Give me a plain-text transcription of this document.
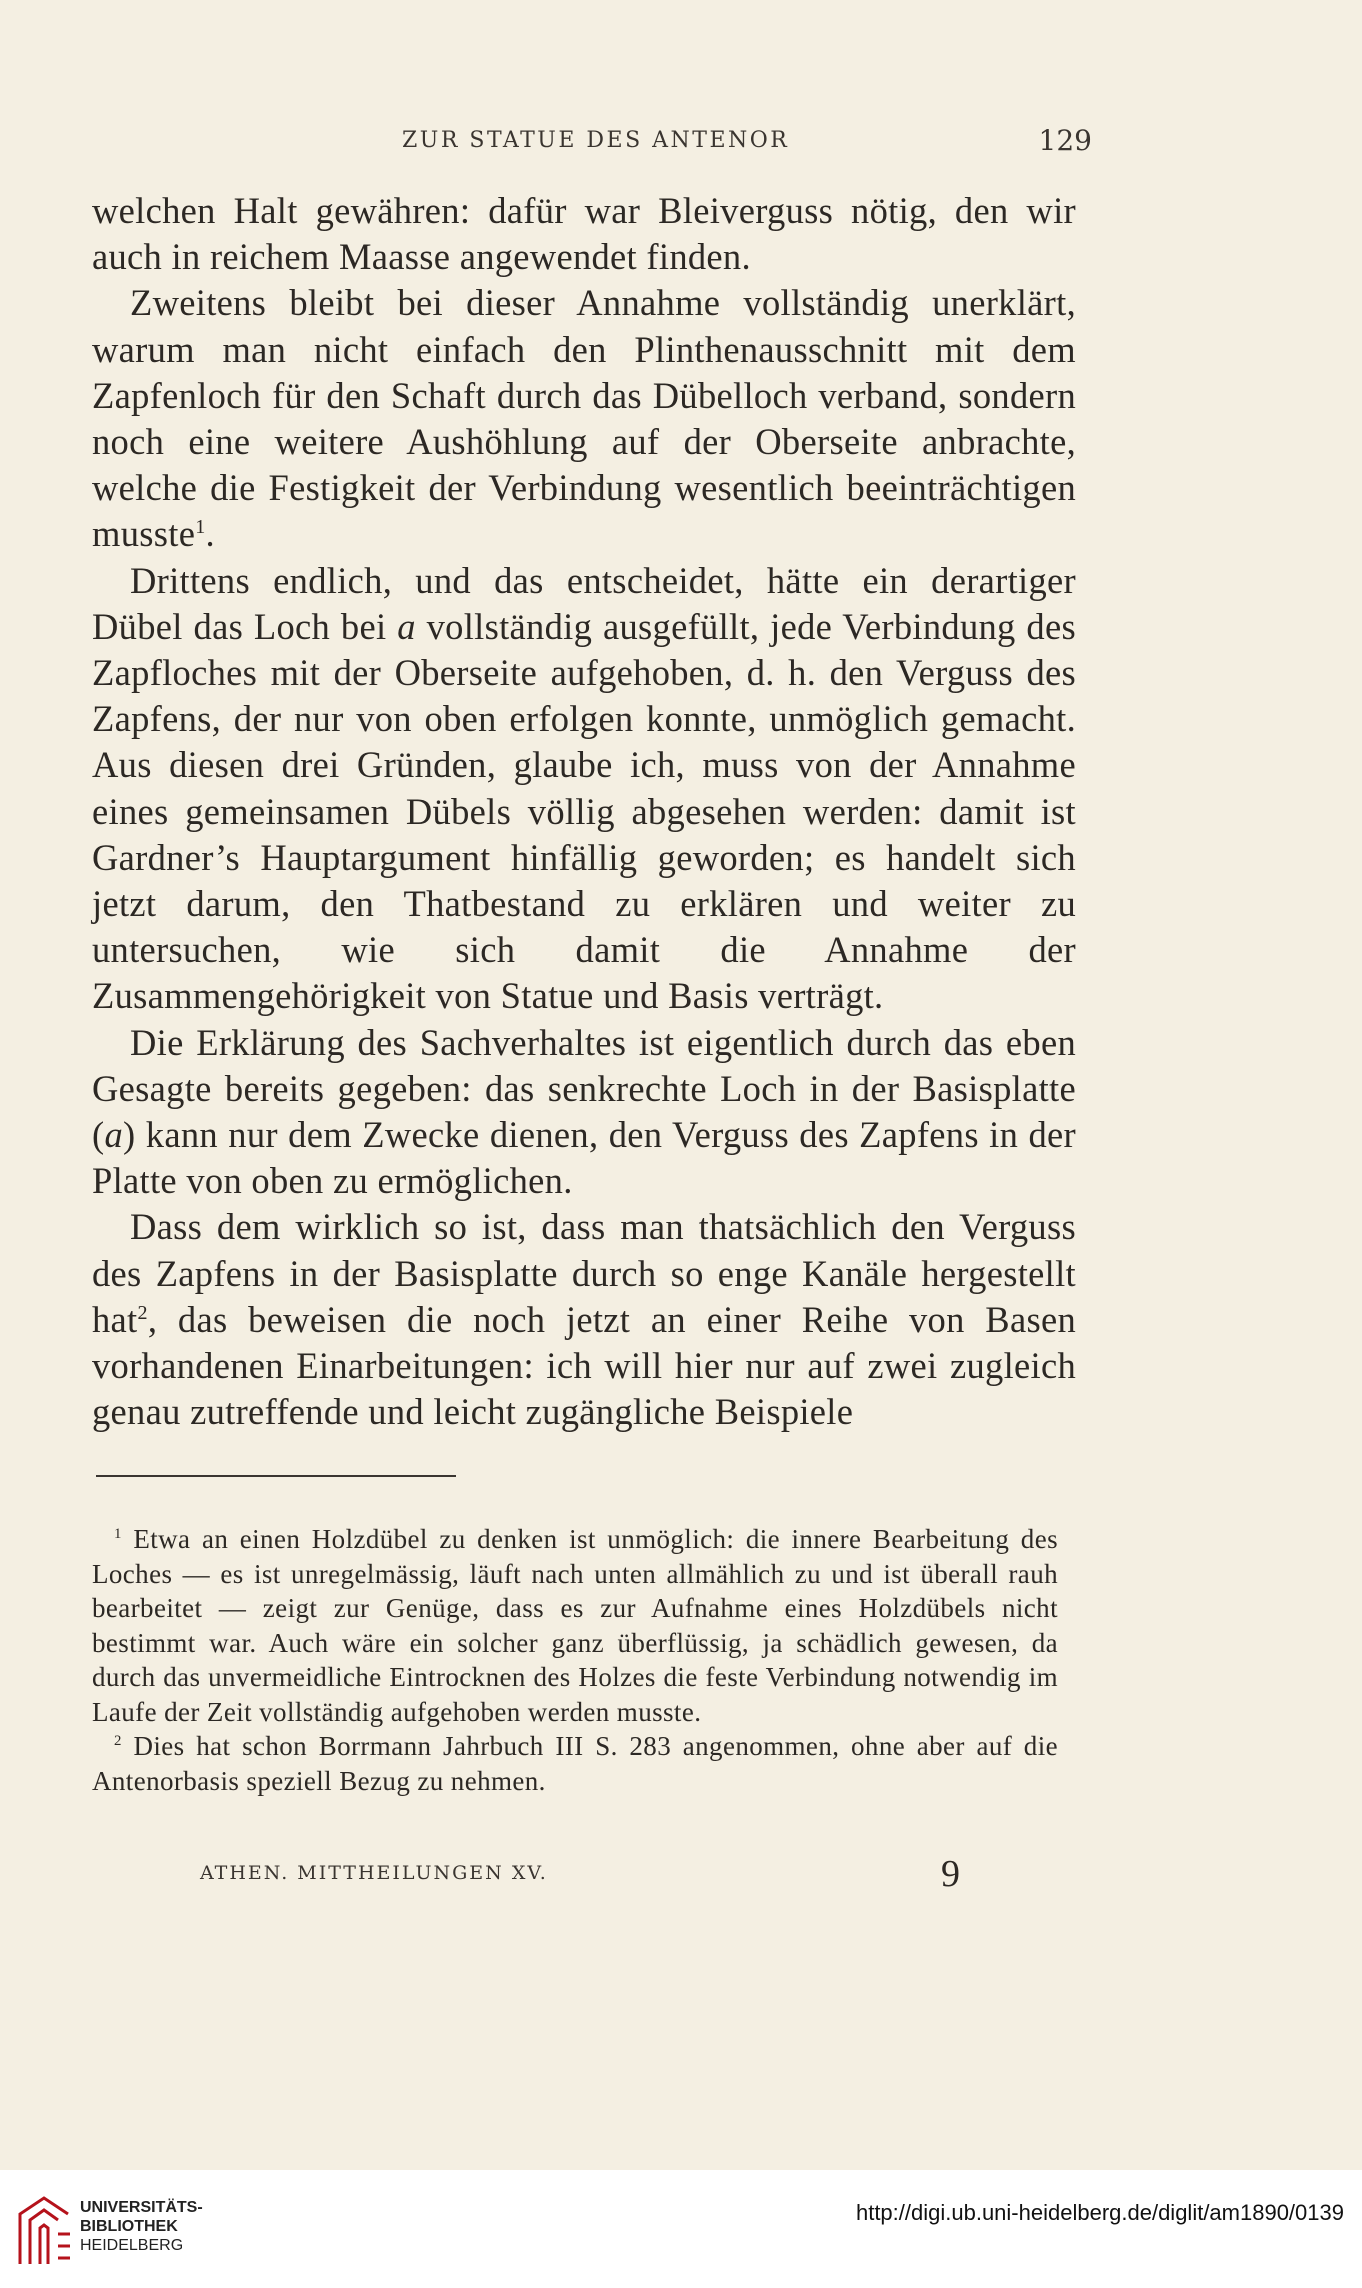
ZUR STATUE DES ANTENOR	129

welchen Halt gewähren: dafür war Bleiverguss nötig, den wir auch in reichem Maasse angewendet finden.

Zweitens bleibt bei dieser Annahme vollständig unerklärt, warum man nicht einfach den Plinthenausschnitt mit dem Zapfenloch für den Schaft durch das Dübelloch verband, sondern noch eine weitere Aushöhlung auf der Oberseite anbrachte, welche die Festigkeit der Verbindung wesentlich beeinträchtigen musste$^1$.

Drittens endlich, und das entscheidet, hätte ein derartiger Dübel das Loch bei a vollständig ausgefüllt, jede Verbindung des Zapfloches mit der Oberseite aufgehoben, d. h. den Verguss des Zapfens, der nur von oben erfolgen konnte, unmöglich gemacht. Aus diesen drei Gründen, glaube ich, muss von der Annahme eines gemeinsamen Dübels völlig abgesehen werden: damit ist Gardner’s Hauptargument hinfällig geworden; es handelt sich jetzt darum, den Thatbestand zu erklären und weiter zu untersuchen, wie sich damit die Annahme der Zusammengehörigkeit von Statue und Basis verträgt.

Die Erklärung des Sachverhaltes ist eigentlich durch das eben Gesagte bereits gegeben: das senkrechte Loch in der Basisplatte (a) kann nur dem Zwecke dienen, den Verguss des Zapfens in der Platte von oben zu ermöglichen.

Dass dem wirklich so ist, dass man thatsächlich den Verguss des Zapfens in der Basisplatte durch so enge Kanäle hergestellt hat$^2$, das beweisen die noch jetzt an einer Reihe von Basen vorhandenen Einarbeitungen: ich will hier nur auf zwei zugleich genau zutreffende und leicht zugängliche Beispiele

$^1$ Etwa an einen Holzdübel zu denken ist unmöglich: die innere Bearbeitung des Loches — es ist unregelmässig, läuft nach unten allmählich zu und ist überall rauh bearbeitet — zeigt zur Genüge, dass es zur Aufnahme eines Holzdübels nicht bestimmt war. Auch wäre ein solcher ganz überflüssig, ja schädlich gewesen, da durch das unvermeidliche Eintrocknen des Holzes die feste Verbindung notwendig im Laufe der Zeit vollständig aufgehoben werden musste.

$^2$ Dies hat schon Borrmann Jahrbuch III S. 283 angenommen, ohne aber auf die Antenorbasis speziell Bezug zu nehmen.

ATHEN. MITTHEILUNGEN XV.	9
UNIVERSITÄTS-
BIBLIOTHEK
HEIDELBERG
http://digi.ub.uni-heidelberg.de/diglit/am1890/0139
